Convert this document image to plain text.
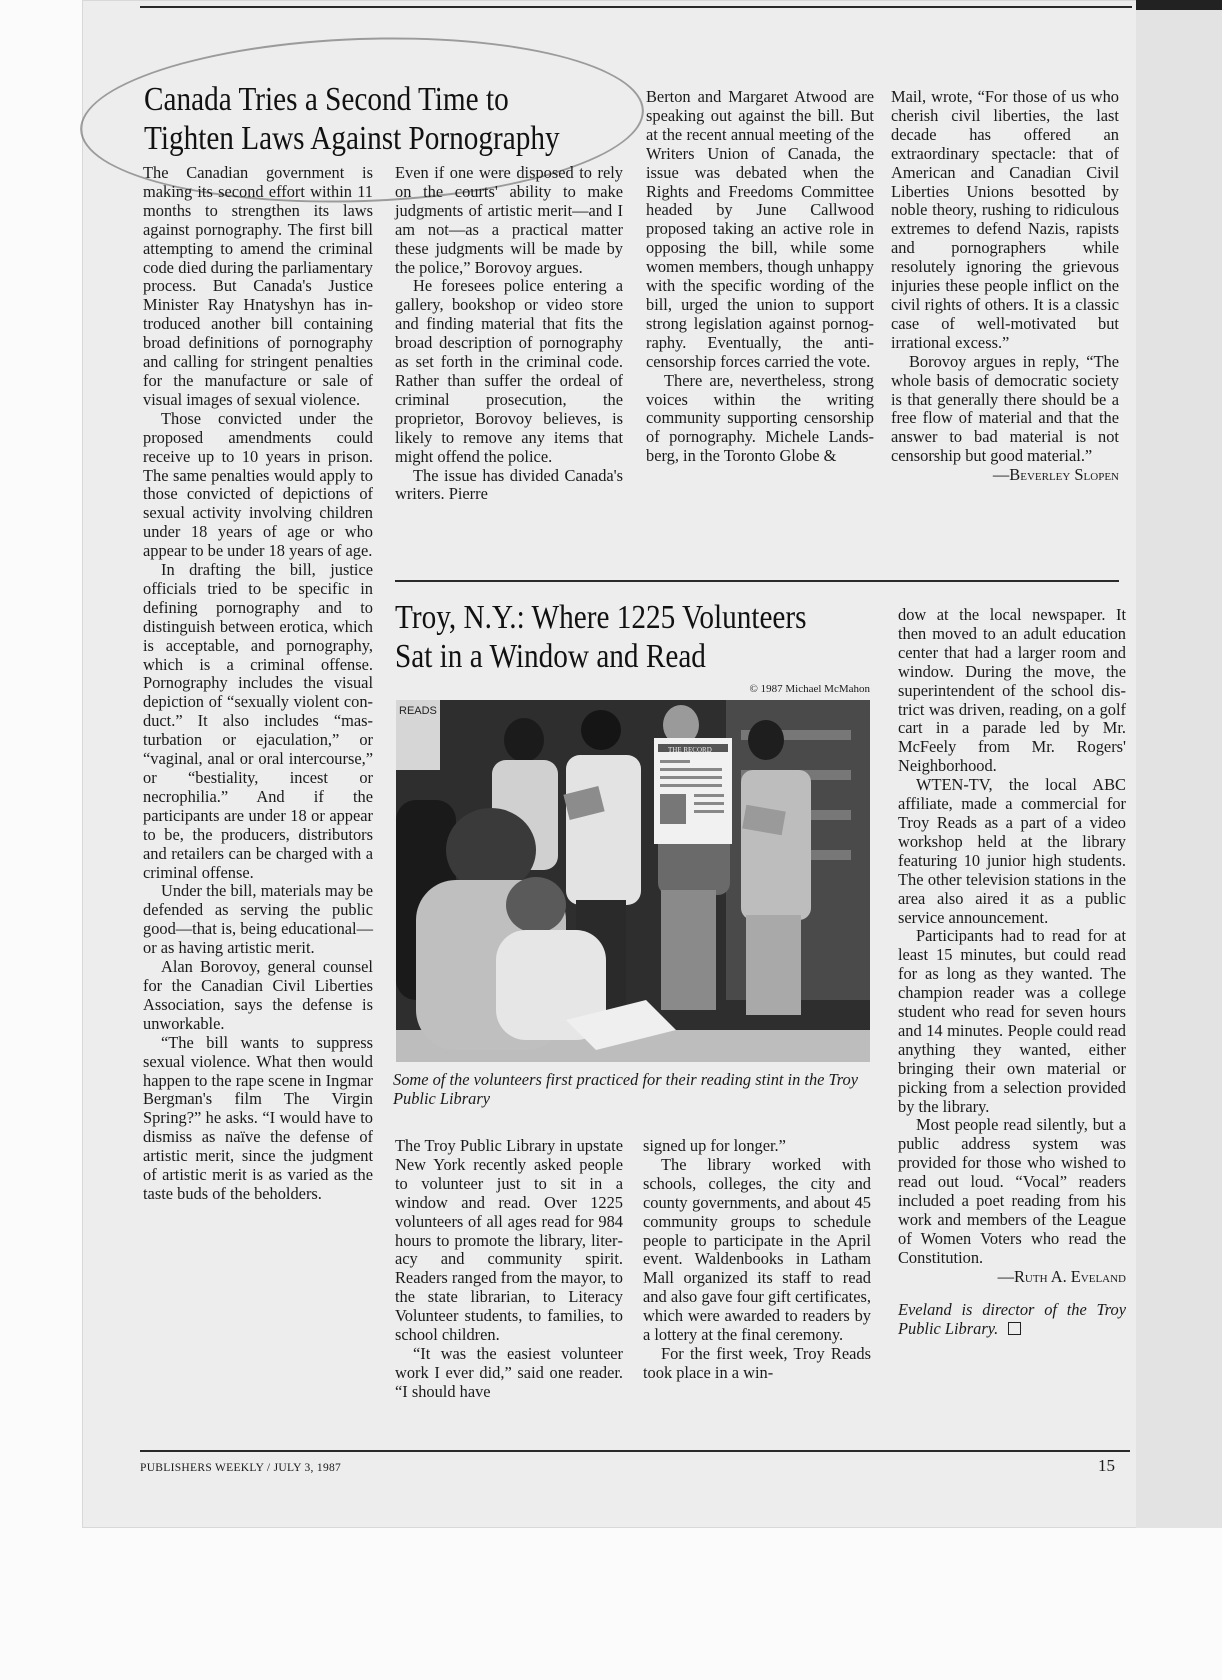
Canada Tries a Second Time to
Tighten Laws Against Pornography

The Canadian government is making its second effort within 11 months to strengthen its laws against pornography. The first bill attempting to amend the criminal code died during the parliamentary process. But Canada's Justice Minister Ray Hnatyshyn has introduced another bill containing broad definitions of pornography and calling for stringent penalties for the manufacture or sale of visual images of sexual violence.

Those convicted under the proposed amendments could receive up to 10 years in prison. The same penalties would apply to those convicted of depictions of sexual activity involving children under 18 years of age or who appear to be under 18 years of age.

In drafting the bill, justice officials tried to be specific in defining pornography and to distinguish between erotica, which is acceptable, and pornography, which is a criminal offense. Pornography includes the visual depiction of “sexually violent conduct.” It also includes “masturbation or ejaculation,” or “vaginal, anal or oral intercourse,” or “bestiality, incest or necrophilia.” And if the participants are under 18 or appear to be, the producers, distributors and retailers can be charged with a criminal offense.

Under the bill, materials may be defended as serving the public good—that is, being educational—or as having artistic merit.

Alan Borovoy, general counsel for the Canadian Civil Liberties Association, says the defense is unworkable.

“The bill wants to suppress sexual violence. What then would happen to the rape scene in Ingmar Bergman's film The Virgin Spring?” he asks. “I would have to dismiss as naïve the defense of artistic merit, since the judgment of artistic merit is as varied as the taste buds of the beholders.

Even if one were disposed to rely on the courts' ability to make judgments of artistic merit—and I am not—as a practical matter these judgments will be made by the police,” Borovoy argues.

He foresees police entering a gallery, bookshop or video store and finding material that fits the broad description of pornography as set forth in the criminal code. Rather than suffer the ordeal of criminal prosecution, the proprietor, Borovoy believes, is likely to remove any items that might offend the police.

The issue has divided Canada's writers. Pierre

Berton and Margaret Atwood are speaking out against the bill. But at the recent annual meeting of the Writers Union of Canada, the issue was debated when the Rights and Freedoms Committee headed by June Callwood proposed taking an active role in opposing the bill, while some women members, though unhappy with the specific wording of the bill, urged the union to support strong legislation against pornography. Eventually, the anticensorship forces carried the vote.

There are, nevertheless, strong voices within the writing community supporting censorship of pornography. Michele Landsberg, in the Toronto Globe &

Mail, wrote, “For those of us who cherish civil liberties, the last decade has offered an extraordinary spectacle: that of American and Canadian Civil Liberties Unions besotted by noble theory, rushing to ridiculous extremes to defend Nazis, rapists and pornographers while resolutely ignoring the grievous injuries these people inflict on the civil rights of others. It is a classic case of well-motivated but irrational excess.”

Borovoy argues in reply, “The whole basis of democratic society is that generally there should be a free flow of material and that the answer to bad material is not censorship but good material.”

—Beverley Slopen

Troy, N.Y.: Where 1225 Volunteers
Sat in a Window and Read
© 1987 Michael McMahon
READS
THE RECORD
Some of the volunteers first practiced for their reading stint in the Troy Public Library

The Troy Public Library in upstate New York recently asked people to volunteer just to sit in a window and read. Over 1225 volunteers of all ages read for 984 hours to promote the library, literacy and community spirit. Readers ranged from the mayor, to the state librarian, to Literacy Volunteer students, to families, to school children.

“It was the easiest volunteer work I ever did,” said one reader. “I should have

signed up for longer.”

The library worked with schools, colleges, the city and county governments, and about 45 community groups to schedule people to participate in the April event. Waldenbooks in Latham Mall organized its staff to read and also gave four gift certificates, which were awarded to readers by a lottery at the final ceremony.

For the first week, Troy Reads took place in a win-

dow at the local newspaper. It then moved to an adult education center that had a larger room and window. During the move, the superintendent of the school district was driven, reading, on a golf cart in a parade led by Mr. McFeely from Mr. Rogers' Neighborhood.

WTEN-TV, the local ABC affiliate, made a commercial for Troy Reads as a part of a video workshop held at the library featuring 10 junior high students. The other television stations in the area also aired it as a public service announcement.

Participants had to read for at least 15 minutes, but could read for as long as they wanted. The champion reader was a college student who read for seven hours and 14 minutes. People could read anything they wanted, either bringing their own material or picking from a selection provided by the library.

Most people read silently, but a public address system was provided for those who wished to read out loud. “Vocal” readers included a poet reading from his work and members of the League of Women Voters who read the Constitution.

—Ruth A. Eveland

Eveland is director of the Troy Public Library.

PUBLISHERS WEEKLY / JULY 3, 1987	15
